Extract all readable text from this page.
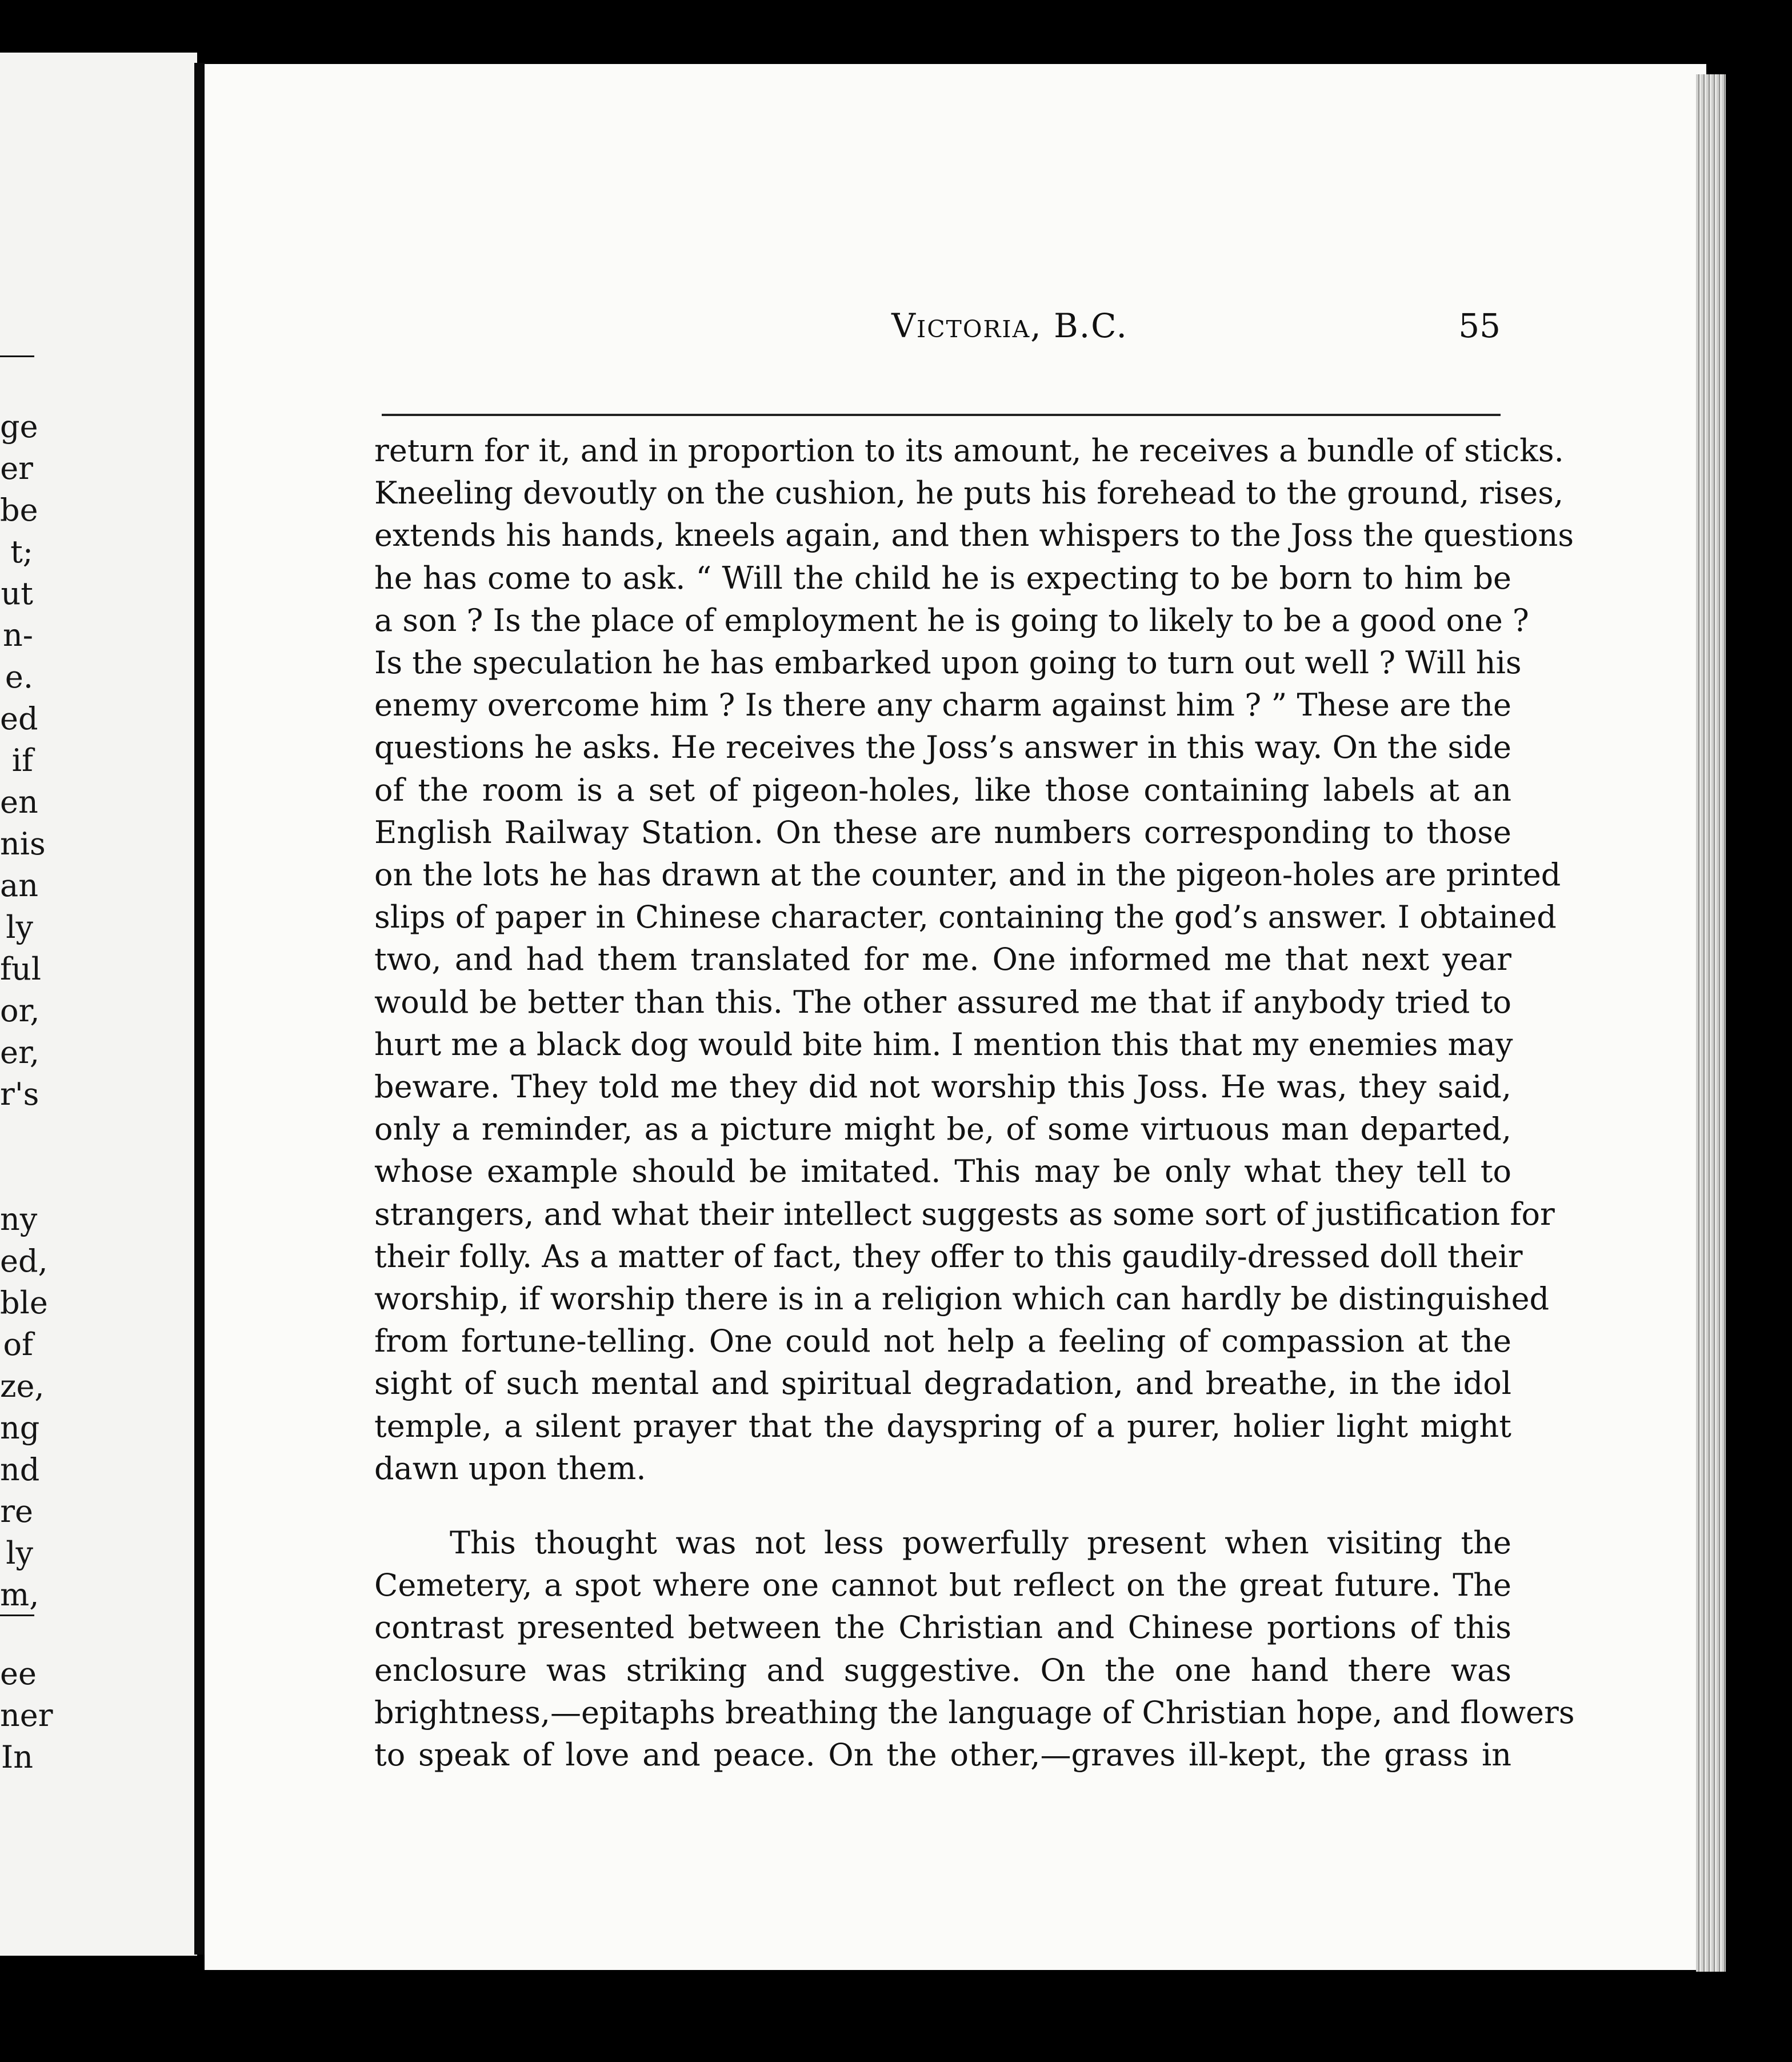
ge
er
be
t;
ut
n-
e.
ed
if
en
nis
an
ly
ful
or,
er,
r's
ny
ed,
ble
of
ze,
ng
nd
re
ly
m,
ee
ner
In
Victoria, B.C.	55
return for it, and in proportion to its amount, he receives a bundle of sticks.
Kneeling devoutly on the cushion, he puts his forehead to the ground, rises,
extends his hands, kneels again, and then whispers to the Joss the questions
he has come to ask. “ Will the child he is expecting to be born to him be
a son ? Is the place of employment he is going to likely to be a good one ?
Is the speculation he has embarked upon going to turn out well ? Will his
enemy overcome him ? Is there any charm against him ? ” These are the
questions he asks. He receives the Joss’s answer in this way. On the side
of the room is a set of pigeon-holes, like those containing labels at an
English Railway Station. On these are numbers corresponding to those
on the lots he has drawn at the counter, and in the pigeon-holes are printed
slips of paper in Chinese character, containing the god’s answer. I obtained
two, and had them translated for me. One informed me that next year
would be better than this. The other assured me that if anybody tried to
hurt me a black dog would bite him. I mention this that my enemies may
beware. They told me they did not worship this Joss. He was, they said,
only a reminder, as a picture might be, of some virtuous man departed,
whose example should be imitated. This may be only what they tell to
strangers, and what their intellect suggests as some sort of justification for
their folly. As a matter of fact, they offer to this gaudily-dressed doll their
worship, if worship there is in a religion which can hardly be distinguished
from fortune-telling. One could not help a feeling of compassion at the
sight of such mental and spiritual degradation, and breathe, in the idol
temple, a silent prayer that the dayspring of a purer, holier light might
dawn upon them.
This thought was not less powerfully present when visiting the
Cemetery, a spot where one cannot but reflect on the great future. The
contrast presented between the Christian and Chinese portions of this
enclosure was striking and suggestive. On the one hand there was
brightness,—epitaphs breathing the language of Christian hope, and flowers
to speak of love and peace. On the other,—graves ill-kept, the grass in
